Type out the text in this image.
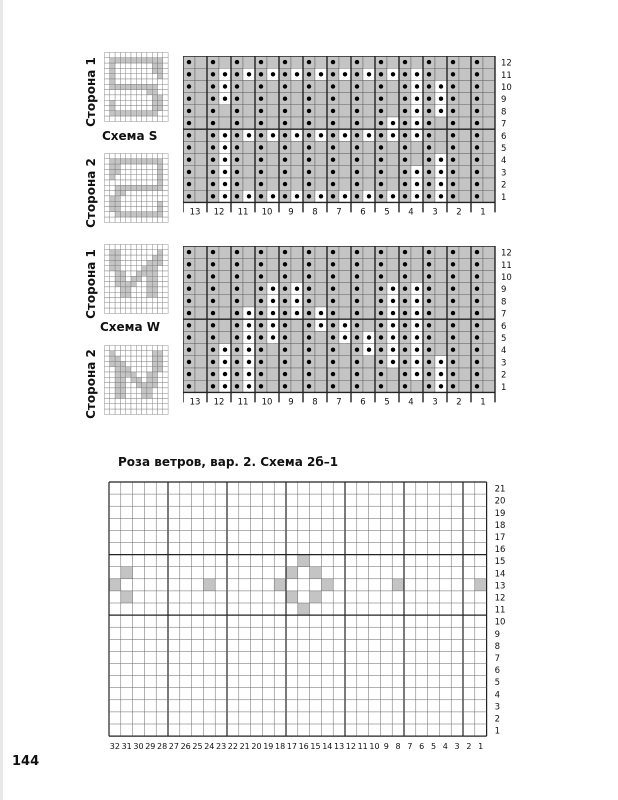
Сторона 1
Сторона 2
Схема S
12
11
10
9
8
7
6
5
4
3
2
1
13 12 11 10 9 8 7 6 5 4 3 2 1
Сторона 1
Сторона 2
Схема W
12
11
10
9
8
7
6
5
4
3
2
1
13 12 11 10 9 8 7 6 5 4 3 2 1
Роза ветров, вар. 2. Схема 2б–1
21
20
19
18
17
16
15
14
13
12
11
10
9
8
7
6
5
4
3
2
1
32 31 30 29 28 27 26 25 24 23 22 21 20 19 18 17 16 15 14 13 12 11 10 9 8 7 6 5 4 3 2 1
144
